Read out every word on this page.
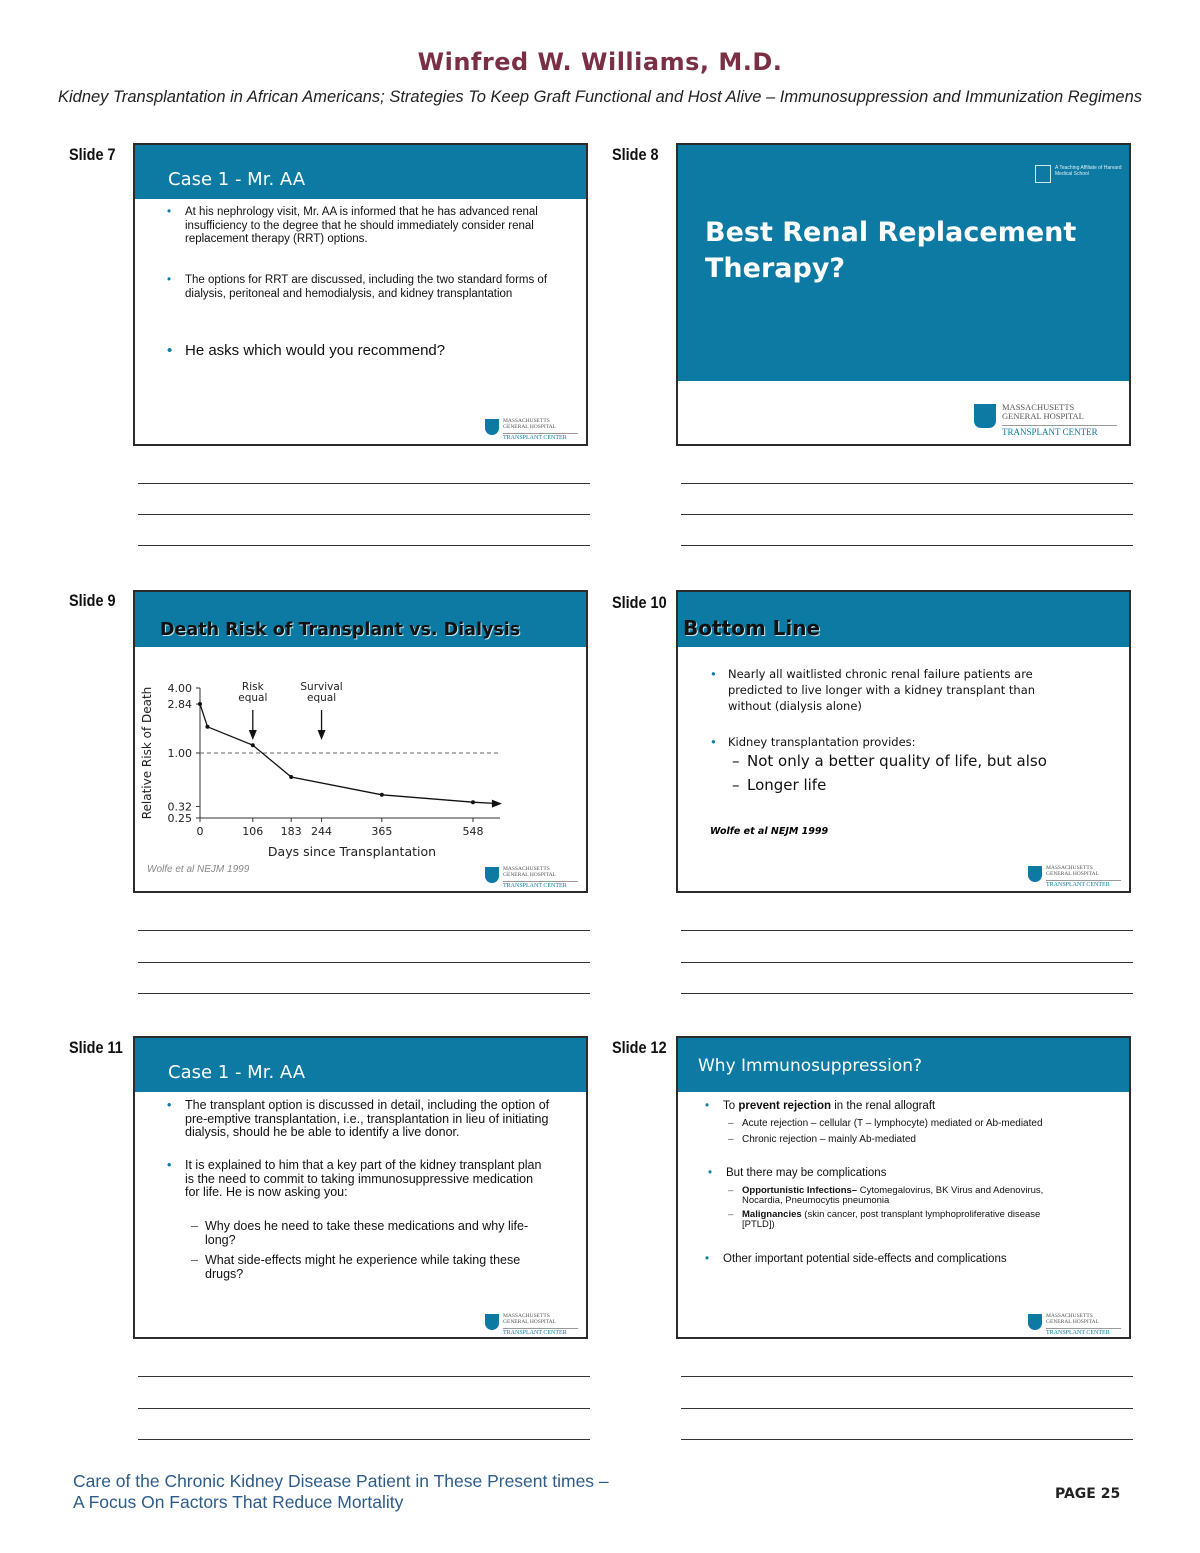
Winfred W. Williams, M.D.
Kidney Transplantation in African Americans; Strategies To Keep Graft Functional and Host Alive – Immunosuppression and Immunization Regimens
Slide 7
Case 1 - Mr. AA
• At his nephrology visit, Mr. AA is informed that he has advanced renal insufficiency to the degree that he should immediately consider renal replacement therapy (RRT) options.
• The options for RRT are discussed, including the two standard forms of dialysis, peritoneal and hemodialysis, and kidney transplantation
• He asks which would you recommend?
MASSACHUSETTS
GENERAL HOSPITAL
TRANSPLANT CENTER
Slide 8
A Teaching Affiliate of Harvard Medical School
Best Renal Replacement Therapy?
MASSACHUSETTS
GENERAL HOSPITAL
TRANSPLANT CENTER
Slide 9
Death Risk of Transplant vs. Dialysis
4.00
2.84
1.00
0.32
0.25
0	106 183 244	365	548
Risk
equal
Survival
equal
Days since Transplantation
Relative Risk of Death
Wolfe et al NEJM 1999	MASSACHUSETTS
GENERAL HOSPITAL
TRANSPLANT CENTER
Slide 10
Bottom Line
• Nearly all waitlisted chronic renal failure patients are predicted to live longer with a kidney transplant than without (dialysis alone)
• Kidney transplantation provides:
– Not only a better quality of life, but also
– Longer life
Wolfe et al NEJM 1999
MASSACHUSETTS
GENERAL HOSPITAL
TRANSPLANT CENTER
Slide 11
Case 1 - Mr. AA
• The transplant option is discussed in detail, including the option of pre-emptive transplantation, i.e., transplantation in lieu of initiating dialysis, should he be able to identify a live donor.
• It is explained to him that a key part of the kidney transplant plan is the need to commit to taking immunosuppressive medication for life. He is now asking you:
– Why does he need to take these medications and why life-long?
– What side-effects might he experience while taking these drugs?
MASSACHUSETTS
GENERAL HOSPITAL
TRANSPLANT CENTER
Slide 12
Why Immunosuppression?
• To prevent rejection in the renal allograft
– Acute rejection – cellular (T – lymphocyte) mediated or Ab-mediated
– Chronic rejection – mainly Ab-mediated
• But there may be complications
– Opportunistic Infections– Cytomegalovirus, BK Virus and Adenovirus, Nocardia, Pneumocytis pneumonia
– Malignancies (skin cancer, post transplant lymphoproliferative disease [PTLD])
• Other important potential side-effects and complications
MASSACHUSETTS
GENERAL HOSPITAL
TRANSPLANT CENTER
Care of the Chronic Kidney Disease Patient in These Present times –
A Focus On Factors That Reduce Mortality	PAGE 25
